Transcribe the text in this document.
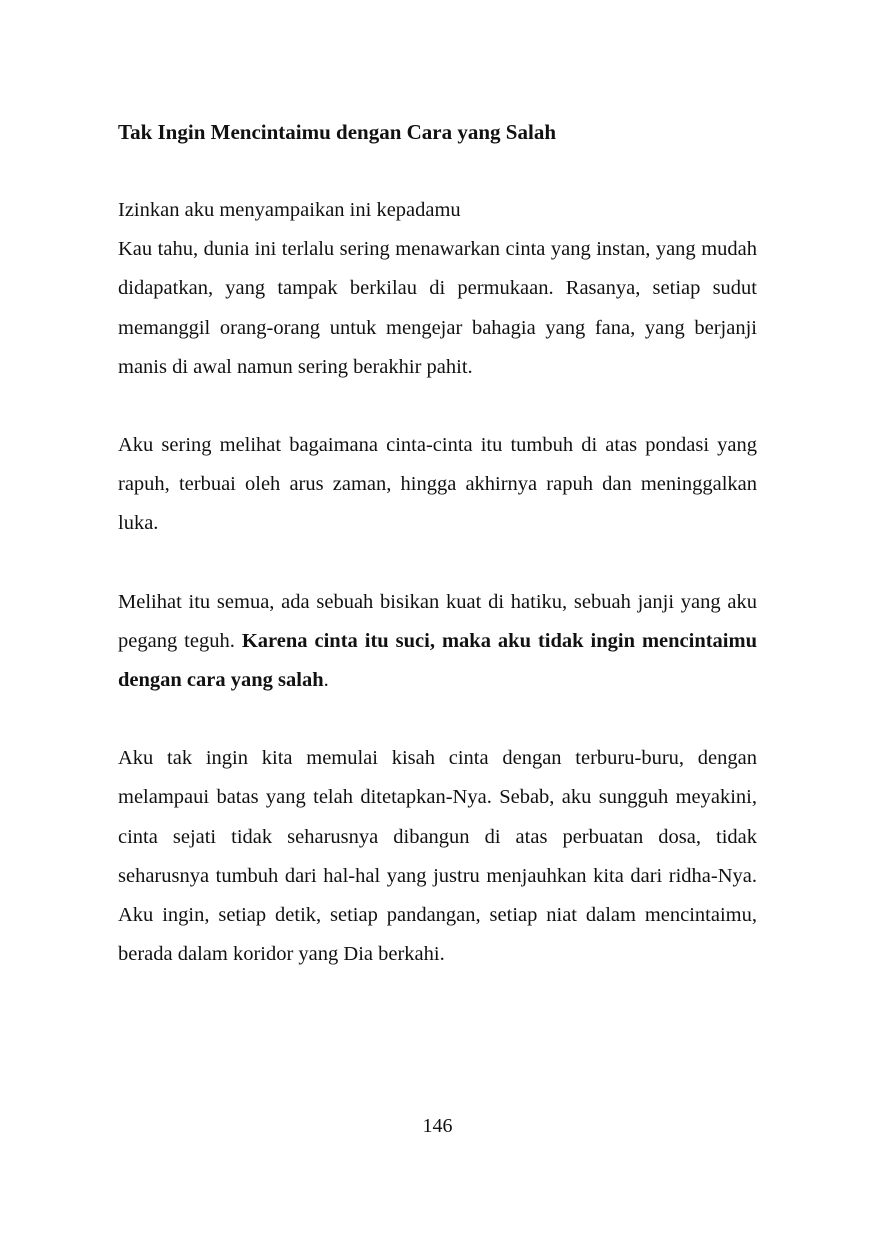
Tak Ingin Mencintaimu dengan Cara yang Salah

Izinkan aku menyampaikan ini kepadamu

Kau tahu, dunia ini terlalu sering menawarkan cinta yang instan, yang mudah didapatkan, yang tampak berkilau di permukaan. Rasanya, setiap sudut memanggil orang-orang untuk mengejar bahagia yang fana, yang berjanji manis di awal namun sering berakhir pahit.

Aku sering melihat bagaimana cinta-cinta itu tumbuh di atas pondasi yang rapuh, terbuai oleh arus zaman, hingga akhirnya rapuh dan meninggalkan luka.

Melihat itu semua, ada sebuah bisikan kuat di hatiku, sebuah janji yang aku pegang teguh. Karena cinta itu suci, maka aku tidak ingin mencintaimu dengan cara yang salah.

Aku tak ingin kita memulai kisah cinta dengan terburu-buru, dengan melampaui batas yang telah ditetapkan-Nya. Sebab, aku sungguh meyakini, cinta sejati tidak seharusnya dibangun di atas perbuatan dosa, tidak seharusnya tumbuh dari hal-hal yang justru menjauhkan kita dari ridha-Nya. Aku ingin, setiap detik, setiap pandangan, setiap niat dalam mencintaimu, berada dalam koridor yang Dia berkahi.

146
